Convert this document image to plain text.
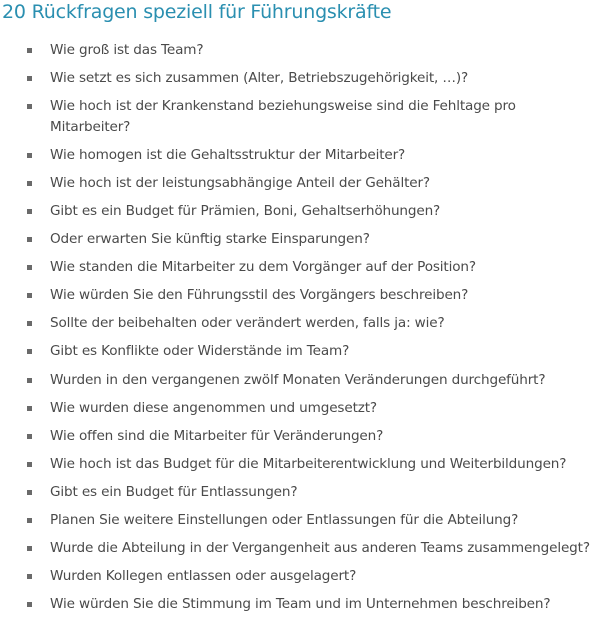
20 Rückfragen speziell für Führungskräfte
Wie groß ist das Team?
Wie setzt es sich zusammen (Alter, Betriebszugehörigkeit, …)?
Wie hoch ist der Krankenstand beziehungsweise sind die Fehltage pro Mitarbeiter?
Wie homogen ist die Gehaltsstruktur der Mitarbeiter?
Wie hoch ist der leistungsabhängige Anteil der Gehälter?
Gibt es ein Budget für Prämien, Boni, Gehaltserhöhungen?
Oder erwarten Sie künftig starke Einsparungen?
Wie standen die Mitarbeiter zu dem Vorgänger auf der Position?
Wie würden Sie den Führungsstil des Vorgängers beschreiben?
Sollte der beibehalten oder verändert werden, falls ja: wie?
Gibt es Konflikte oder Widerstände im Team?
Wurden in den vergangenen zwölf Monaten Veränderungen durchgeführt?
Wie wurden diese angenommen und umgesetzt?
Wie offen sind die Mitarbeiter für Veränderungen?
Wie hoch ist das Budget für die Mitarbeiterentwicklung und Weiterbildungen?
Gibt es ein Budget für Entlassungen?
Planen Sie weitere Einstellungen oder Entlassungen für die Abteilung?
Wurde die Abteilung in der Vergangenheit aus anderen Teams zusammengelegt?
Wurden Kollegen entlassen oder ausgelagert?
Wie würden Sie die Stimmung im Team und im Unternehmen beschreiben?
